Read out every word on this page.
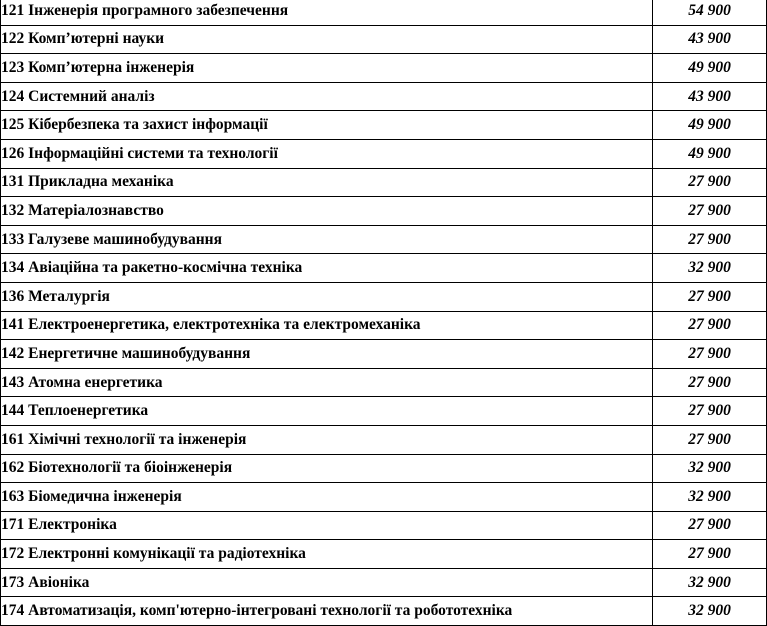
121 Інженерія програмного забезпечення	54 900
122 Комп’ютерні науки	43 900
123 Комп’ютерна інженерія	49 900
124 Системний аналіз	43 900
125 Кібербезпека та захист інформації	49 900
126 Інформаційні системи та технології	49 900
131 Прикладна механіка	27 900
132 Матеріалознавство	27 900
133 Галузеве машинобудування	27 900
134 Авіаційна та ракетно-космічна техніка	32 900
136 Металургія	27 900
141 Електроенергетика, електротехніка та електромеханіка	27 900
142 Енергетичне машинобудування	27 900
143 Атомна енергетика	27 900
144 Теплоенергетика	27 900
161 Хімічні технології та інженерія	27 900
162 Біотехнології та біоінженерія	32 900
163 Біомедична інженерія	32 900
171 Електроніка	27 900
172 Електронні комунікації та радіотехніка	27 900
173 Авіоніка	32 900
174 Автоматизація, комп'ютерно-інтегровані технології та робототехніка	32 900
